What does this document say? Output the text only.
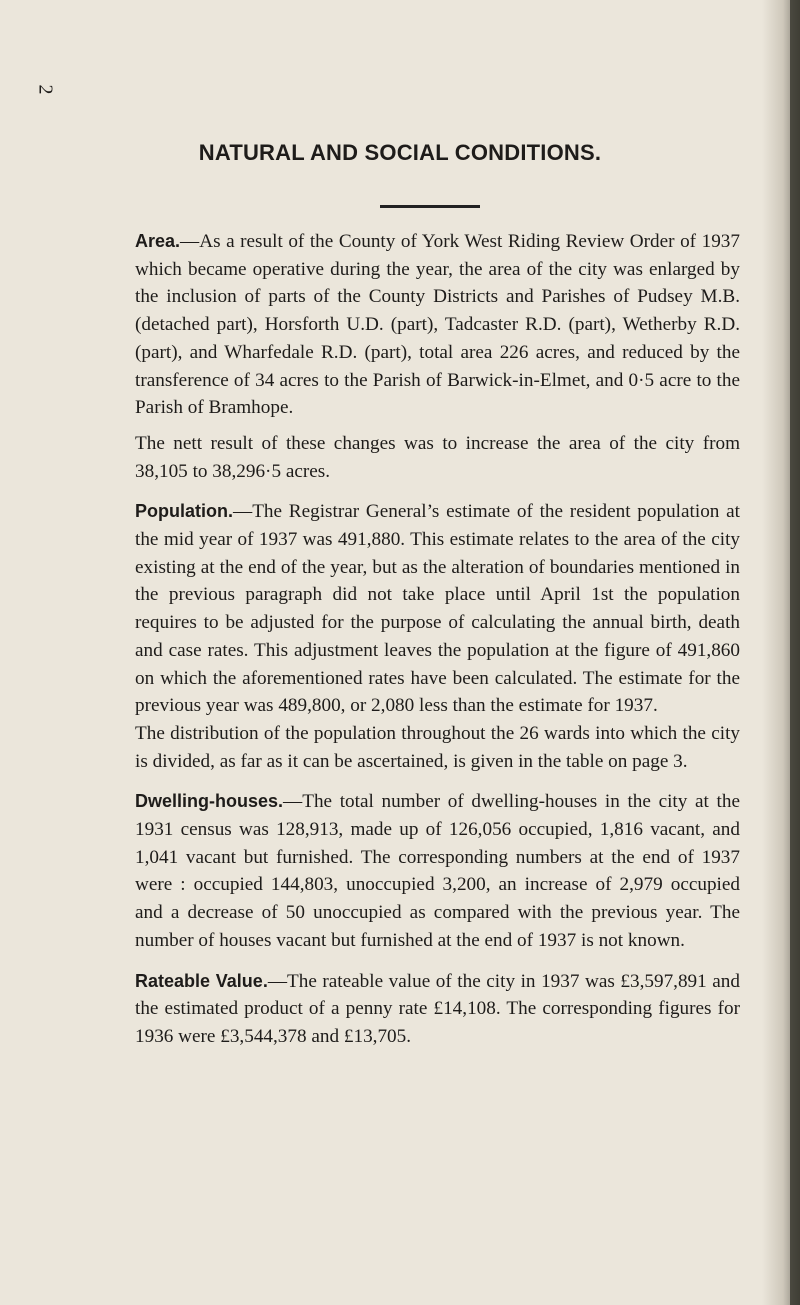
2
NATURAL AND SOCIAL CONDITIONS.

Area.—As a result of the County of York West Riding Review Order of 1937 which became operative during the year, the area of the city was enlarged by the inclusion of parts of the County Districts and Parishes of Pudsey M.B. (detached part), Horsforth U.D. (part), Tadcaster R.D. (part), Wetherby R.D. (part), and Wharfedale R.D. (part), total area 226 acres, and reduced by the transference of 34 acres to the Parish of Barwick-in-Elmet, and 0·5 acre to the Parish of Bramhope.

The nett result of these changes was to increase the area of the city from 38,105 to 38,296·5 acres.

Population.—The Registrar General’s estimate of the resident population at the mid year of 1937 was 491,880. This estimate relates to the area of the city existing at the end of the year, but as the alteration of boundaries mentioned in the previous paragraph did not take place until April 1st the population requires to be adjusted for the purpose of calculating the annual birth, death and case rates. This adjustment leaves the population at the figure of 491,860 on which the aforementioned rates have been calculated. The estimate for the previous year was 489,800, or 2,080 less than the estimate for 1937.

The distribution of the population throughout the 26 wards into which the city is divided, as far as it can be ascertained, is given in the table on page 3.

Dwelling-houses.—The total number of dwelling-houses in the city at the 1931 census was 128,913, made up of 126,056 occupied, 1,816 vacant, and 1,041 vacant but furnished. The corresponding numbers at the end of 1937 were : occupied 144,803, unoccupied 3,200, an increase of 2,979 occupied and a decrease of 50 unoccupied as compared with the previous year. The number of houses vacant but furnished at the end of 1937 is not known.

Rateable Value.—The rateable value of the city in 1937 was £3,597,891 and the estimated product of a penny rate £14,108. The corresponding figures for 1936 were £3,544,378 and £13,705.
